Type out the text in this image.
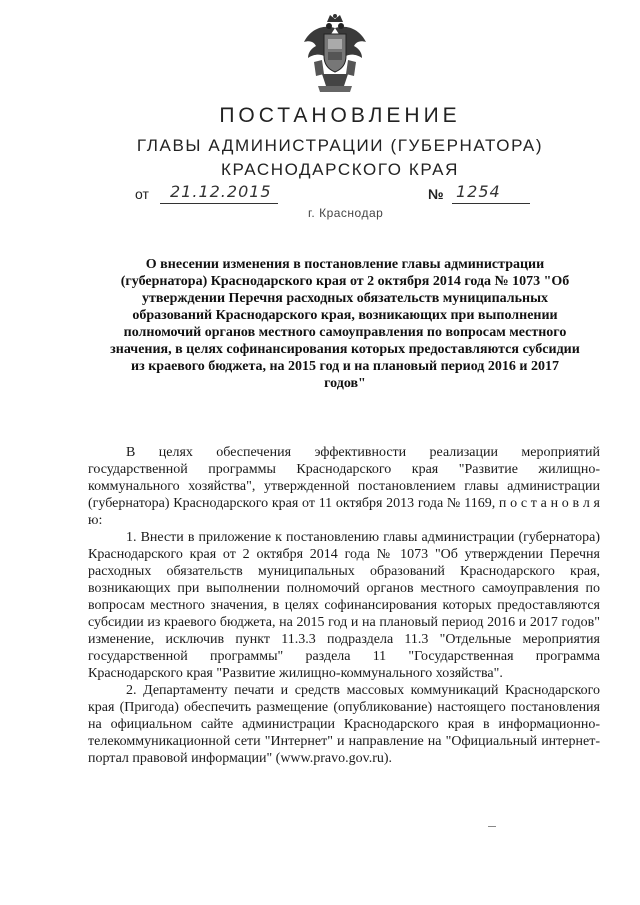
ПОСТАНОВЛЕНИЕ
ГЛАВЫ АДМИНИСТРАЦИИ (ГУБЕРНАТОРА)
КРАСНОДАРСКОГО КРАЯ
от 21.12.2015	№ 1254
г. Краснодар
О внесении изменения в постановление главы администрации (губернатора) Краснодарского края от 2 октября 2014 года № 1073 "Об утверждении Перечня расходных обязательств муниципальных образований Краснодарского края, возникающих при выполнении полномочий органов местного самоуправления по вопросам местного значения, в целях софинансирования которых предоставляются субсидии из краевого бюджета, на 2015 год и на плановый период 2016 и 2017 годов"

В целях обеспечения эффективности реализации мероприятий государственной программы Краснодарского края "Развитие жилищно-коммунального хозяйства", утвержденной постановлением главы администрации (губернатора) Краснодарского края от 11 октября 2013 года № 1169, п о с т а н о в л я ю:

1. Внести в приложение к постановлению главы администрации (губернатора) Краснодарского края от 2 октября 2014 года № 1073 "Об утверждении Перечня расходных обязательств муниципальных образований Краснодарского края, возникающих при выполнении полномочий органов местного самоуправления по вопросам местного значения, в целях софинансирования которых предоставляются субсидии из краевого бюджета, на 2015 год и на плановый период 2016 и 2017 годов" изменение, исключив пункт 11.3.3 подраздела 11.3 "Отдельные мероприятия государственной программы" раздела 11 "Государственная программа Краснодарского края "Развитие жилищно-коммунального хозяйства".

2. Департаменту печати и средств массовых коммуникаций Краснодарского края (Пригода) обеспечить размещение (опубликование) настоящего постановления на официальном сайте администрации Краснодарского края в информационно-телекоммуникационной сети "Интернет" и направление на "Официальный интернет-портал правовой информации" (www.pravo.gov.ru).
